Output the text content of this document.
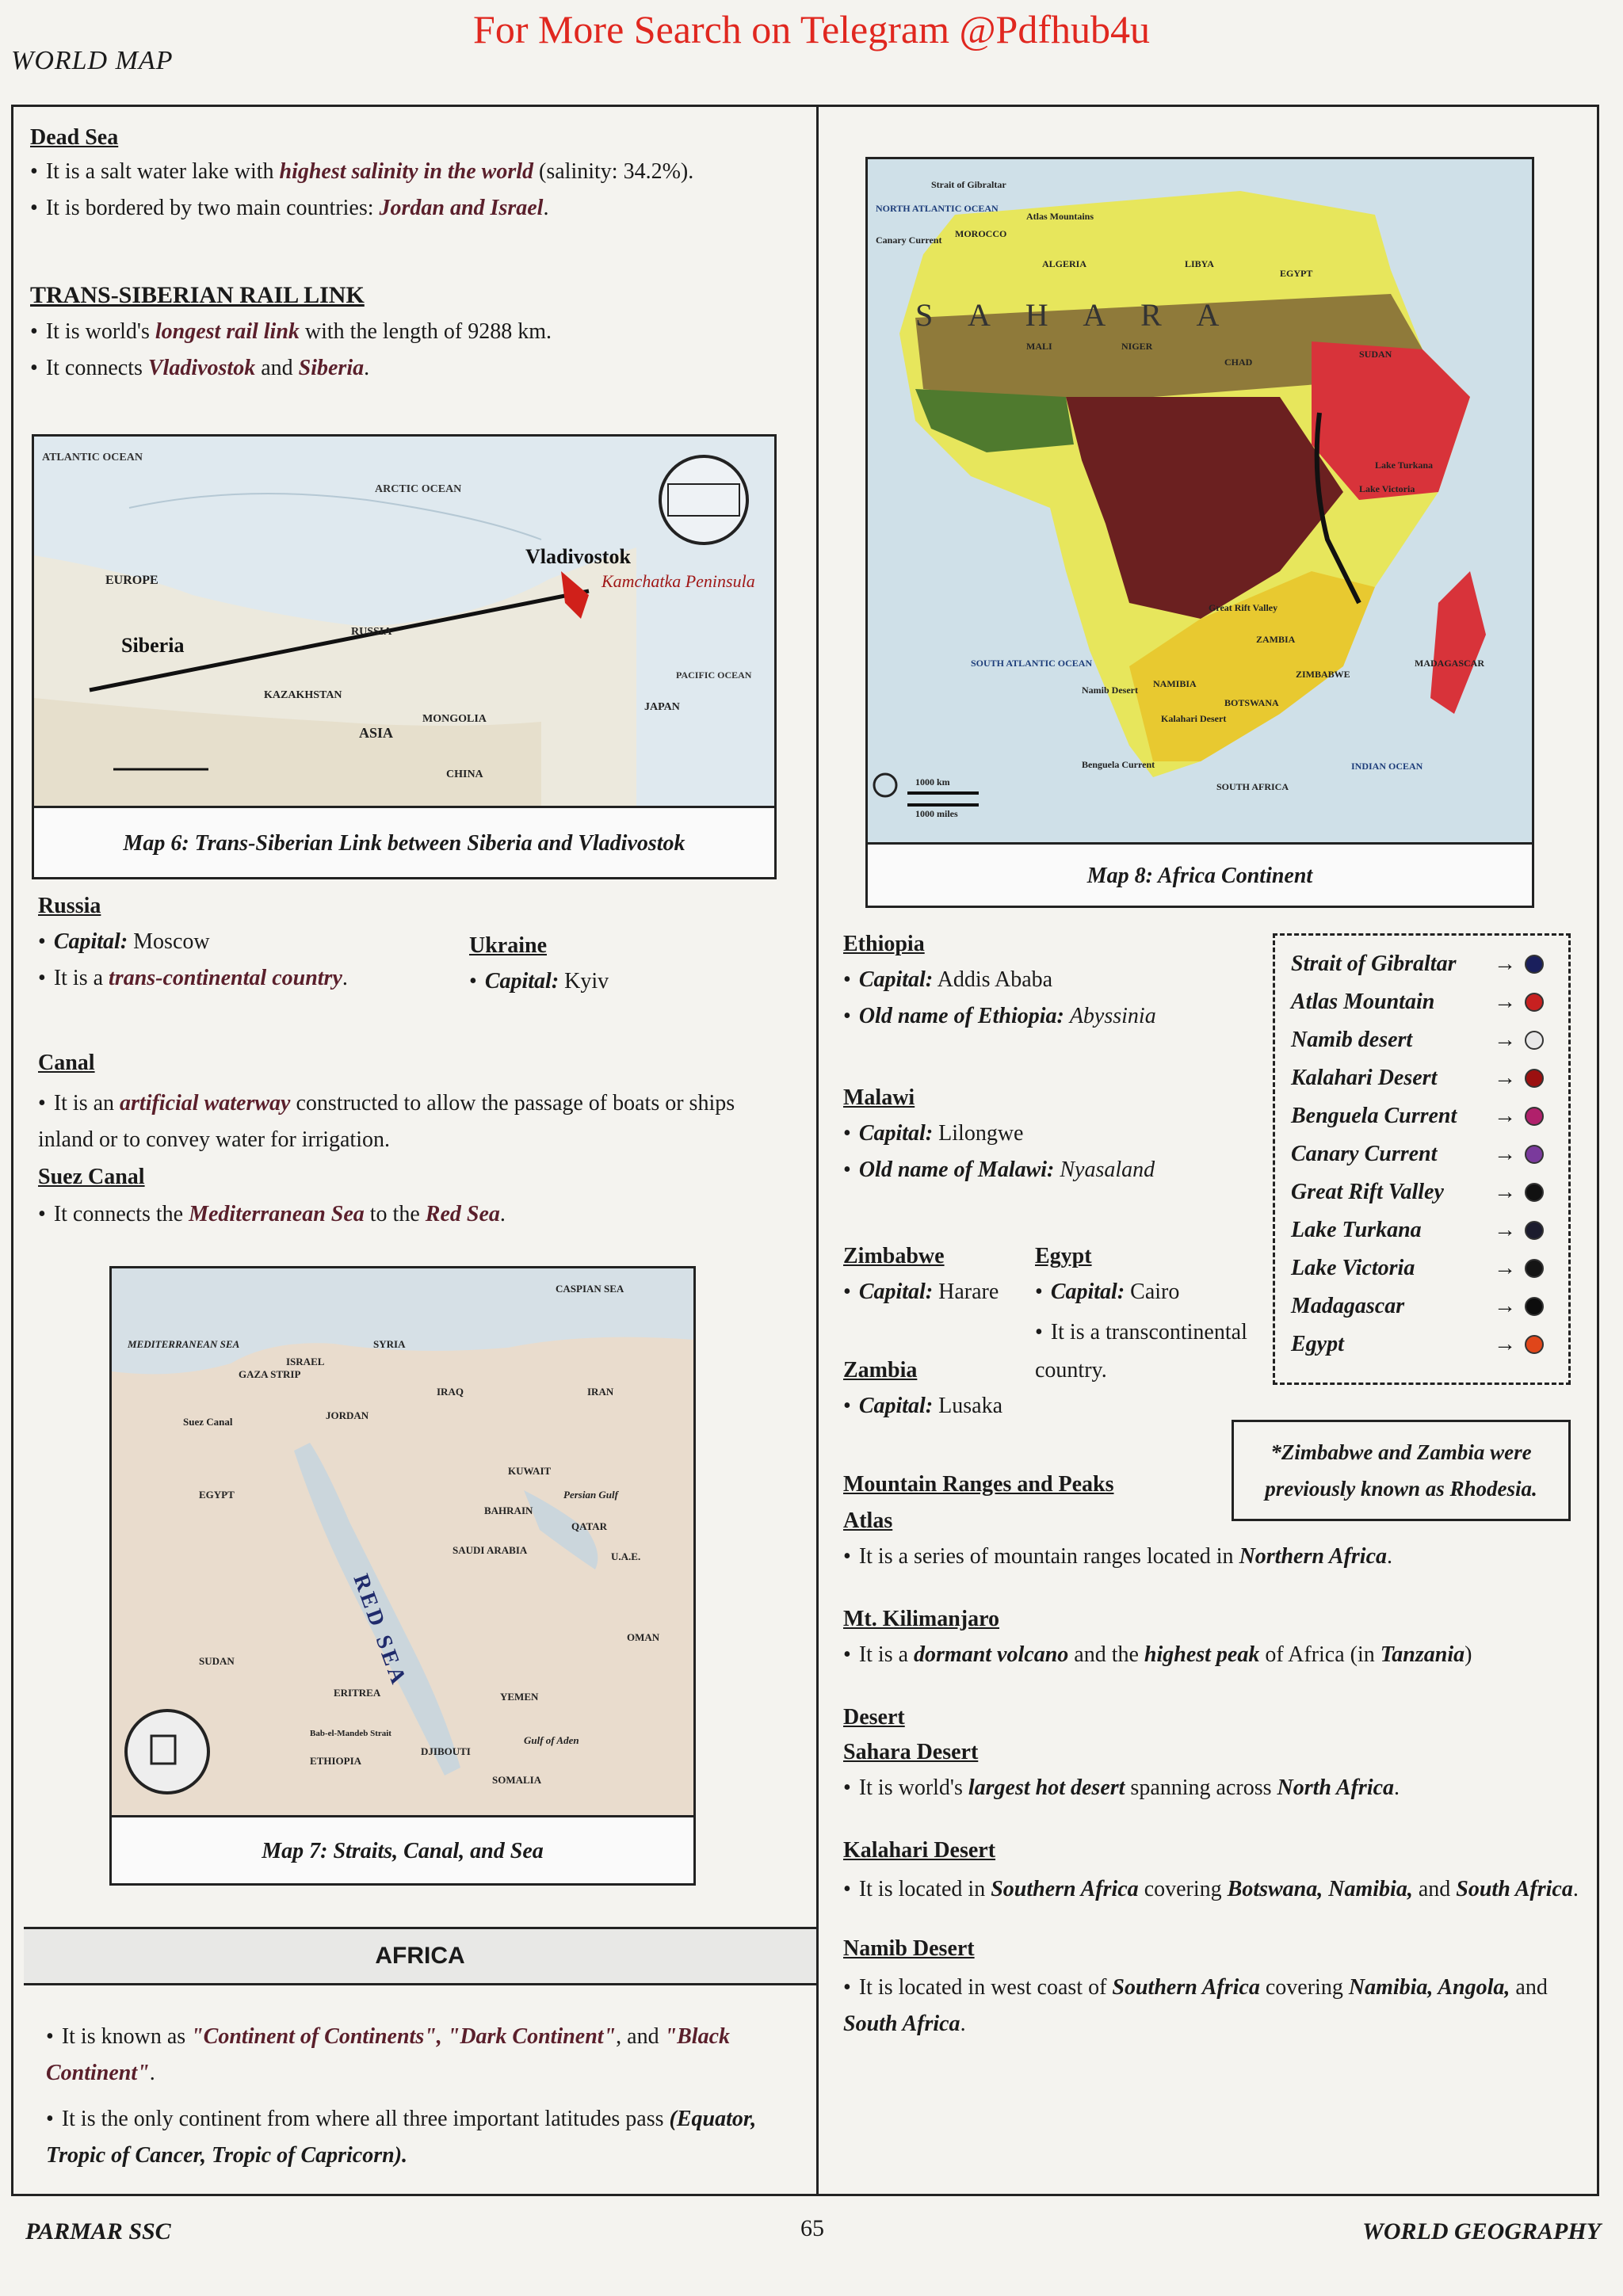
For More Search on Telegram @Pdfhub4u
WORLD MAP
Dead Sea
• It is a salt water lake with highest salinity in the world (salinity: 34.2%).
• It is bordered by two main countries: Jordan and Israel.
TRANS-SIBERIAN RAIL LINK
• It is world's longest rail link with the length of 9288 km.
• It connects Vladivostok and Siberia.
ATLANTIC OCEAN
ARCTIC OCEAN
EUROPE
Siberia
Vladivostok
Kamchatka Peninsula
RUSSIA
KAZAKHSTAN
MONGOLIA
ASIA
CHINA
JAPAN
PACIFIC OCEAN
Map 6: Trans-Siberian Link between Siberia and Vladivostok
Russia
• Capital: Moscow
• It is a trans-continental country.
Ukraine
• Capital: Kyiv
Canal
• It is an artificial waterway constructed to allow the passage of boats or ships inland or to convey water for irrigation.
Suez Canal
• It connects the Mediterranean Sea to the Red Sea.
CASPIAN SEA
MEDITERRANEAN SEA	SYRIA
ISRAEL
GAZA STRIP
Suez Canal
JORDAN
IRAQ	IRAN
EGYPT
KUWAIT
Persian Gulf
BAHRAIN
QATAR
SAUDI ARABIA
U.A.E.
OMAN
SUDAN
ERITREA	YEMEN
Bab-el-Mandeb Strait
Gulf of Aden
ETHIOPIA
DJIBOUTI
SOMALIA
RED SEA
Map 7: Straits, Canal, and Sea
AFRICA
• It is known as "Continent of Continents", "Dark Continent", and "Black Continent".
• It is the only continent from where all three important latitudes pass (Equator, Tropic of Cancer, Tropic of Capricorn).
Strait of Gibraltar
NORTH ATLANTIC OCEAN
Atlas Mountains
Canary Current
MOROCCO
ALGERIA	LIBYA
EGYPT
SUDAN
MALI	NIGER
CHAD
SOUTH ATLANTIC OCEAN
Namib Desert
NAMIBIA
BOTSWANA
Kalahari Desert
Benguela Current
SOUTH AFRICA
ZAMBIA
ZIMBABWE
MADAGASCAR
INDIAN OCEAN
Great Rift Valley
Lake Victoria
Lake Turkana
1000 km
1000 miles
S A H A R A
Map 8: Africa Continent
Ethiopia
• Capital: Addis Ababa
• Old name of Ethiopia: Abyssinia
Malawi
• Capital: Lilongwe
• Old name of Malawi: Nyasaland
Zimbabwe
• Capital: Harare
Egypt
• Capital: Cairo
• It is a transcontinental country.
Zambia
• Capital: Lusaka
Strait of Gibraltar	→
Atlas Mountain	→
Namib desert	→
Kalahari Desert	→
Benguela Current	→
Canary Current	→
Great Rift Valley	→
Lake Turkana	→
Lake Victoria	→
Madagascar	→
Egypt	→
*Zimbabwe and Zambia were previously known as Rhodesia.
Mountain Ranges and Peaks
Atlas
• It is a series of mountain ranges located in Northern Africa.
Mt. Kilimanjaro
• It is a dormant volcano and the highest peak of Africa (in Tanzania)
Desert
Sahara Desert
• It is world's largest hot desert spanning across North Africa.
Kalahari Desert
• It is located in Southern Africa covering Botswana, Namibia, and South Africa.
Namib Desert
• It is located in west coast of Southern Africa covering Namibia, Angola, and South Africa.
PARMAR SSC	65	WORLD GEOGRAPHY
